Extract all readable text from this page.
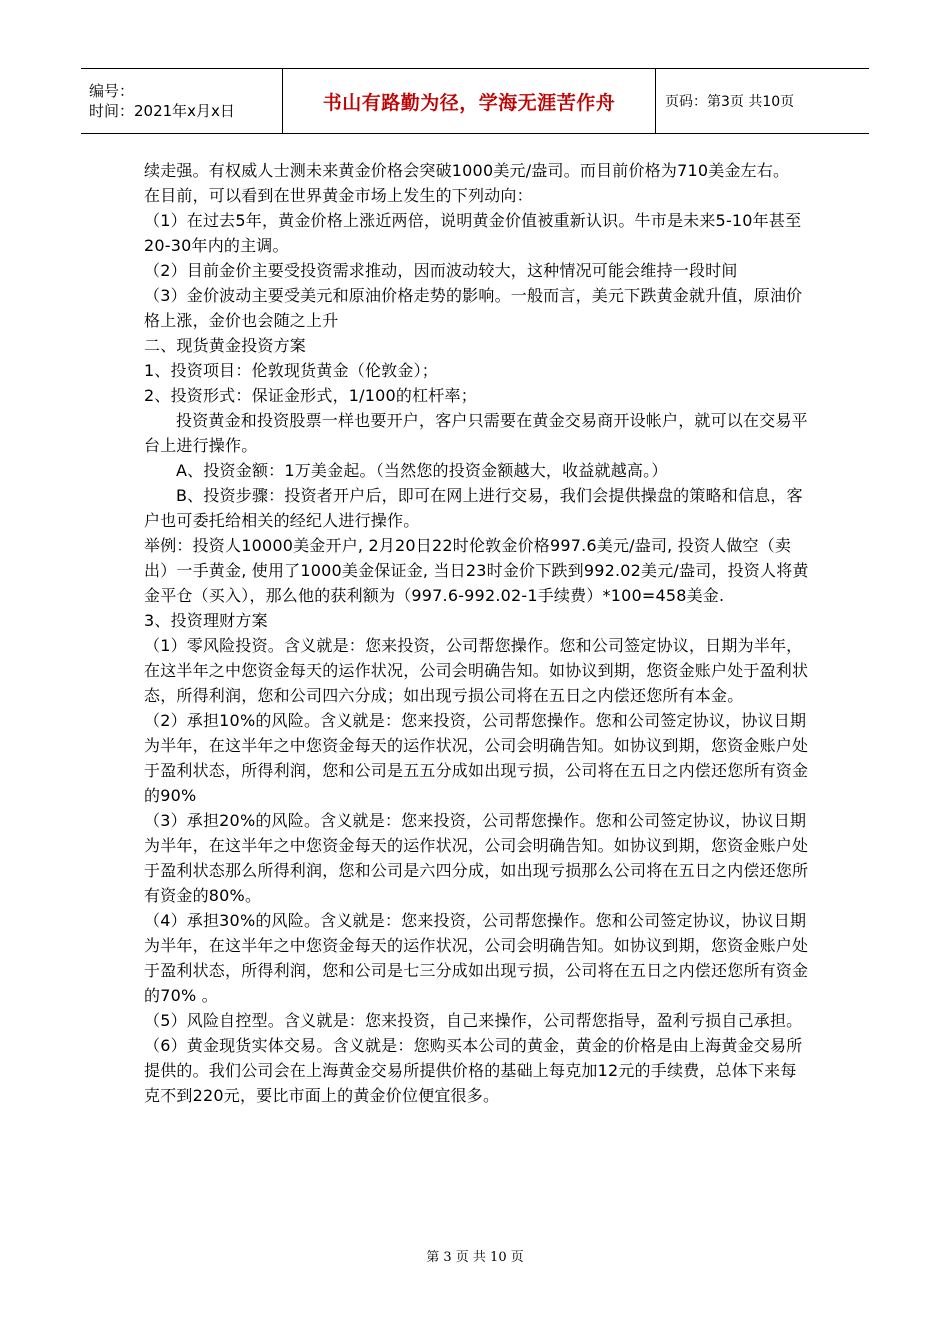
编号：
时间：2021年x月x日	书山有路勤为径，学海无涯苦作舟	页码：第3页 共10页

续走强。有权威人士测未来黄金价格会突破1000美元/盎司。而目前价格为710美金左右。

在目前，可以看到在世界黄金市场上发生的下列动向：

（1）在过去5年，黄金价格上涨近两倍，说明黄金价值被重新认识。牛市是未来5-10年甚至20-30年内的主调。

（2）目前金价主要受投资需求推动，因而波动较大，这种情况可能会维持一段时间

（3）金价波动主要受美元和原油价格走势的影响。一般而言，美元下跌黄金就升值，原油价格上涨，金价也会随之上升

二、现货黄金投资方案

1、投资项目：伦敦现货黄金（伦敦金）；

2、投资形式：保证金形式，1/100的杠杆率；

投资黄金和投资股票一样也要开户，客户只需要在黄金交易商开设帐户，就可以在交易平台上进行操作。

A、投资金额：1万美金起。（当然您的投资金额越大，收益就越高。）

B、投资步骤：投资者开户后，即可在网上进行交易，我们会提供操盘的策略和信息，客户也可委托给相关的经纪人进行操作。

举例：投资人10000美金开户, 2月20日22时伦敦金价格997.6美元/盎司, 投资人做空（卖出）一手黄金, 使用了1000美金保证金, 当日23时金价下跌到992.02美元/盎司，投资人将黄金平仓（买入），那么他的获利额为（997.6-992.02-1手续费）*100=458美金.

3、投资理财方案

（1）零风险投资。含义就是：您来投资，公司帮您操作。您和公司签定协议，日期为半年，在这半年之中您资金每天的运作状况，公司会明确告知。如协议到期，您资金账户处于盈利状态，所得利润，您和公司四六分成；如出现亏损公司将在五日之内偿还您所有本金。

（2）承担10%的风险。含义就是：您来投资，公司帮您操作。您和公司签定协议，协议日期为半年，在这半年之中您资金每天的运作状况，公司会明确告知。如协议到期，您资金账户处于盈利状态，所得利润，您和公司是五五分成如出现亏损，公司将在五日之内偿还您所有资金的90%

（3）承担20%的风险。含义就是：您来投资，公司帮您操作。您和公司签定协议，协议日期为半年，在这半年之中您资金每天的运作状况，公司会明确告知。如协议到期，您资金账户处于盈利状态那么所得利润，您和公司是六四分成，如出现亏损那么公司将在五日之内偿还您所有资金的80%。

（4）承担30%的风险。含义就是：您来投资，公司帮您操作。您和公司签定协议，协议日期为半年，在这半年之中您资金每天的运作状况，公司会明确告知。如协议到期，您资金账户处于盈利状态，所得利润，您和公司是七三分成如出现亏损，公司将在五日之内偿还您所有资金的70% 。

（5）风险自控型。含义就是：您来投资，自己来操作，公司帮您指导，盈利亏损自己承担。

（6）黄金现货实体交易。含义就是：您购买本公司的黄金，黄金的价格是由上海黄金交易所提供的。我们公司会在上海黄金交易所提供价格的基础上每克加12元的手续费，总体下来每克不到220元，要比市面上的黄金价位便宜很多。

第 3 页 共 10 页
